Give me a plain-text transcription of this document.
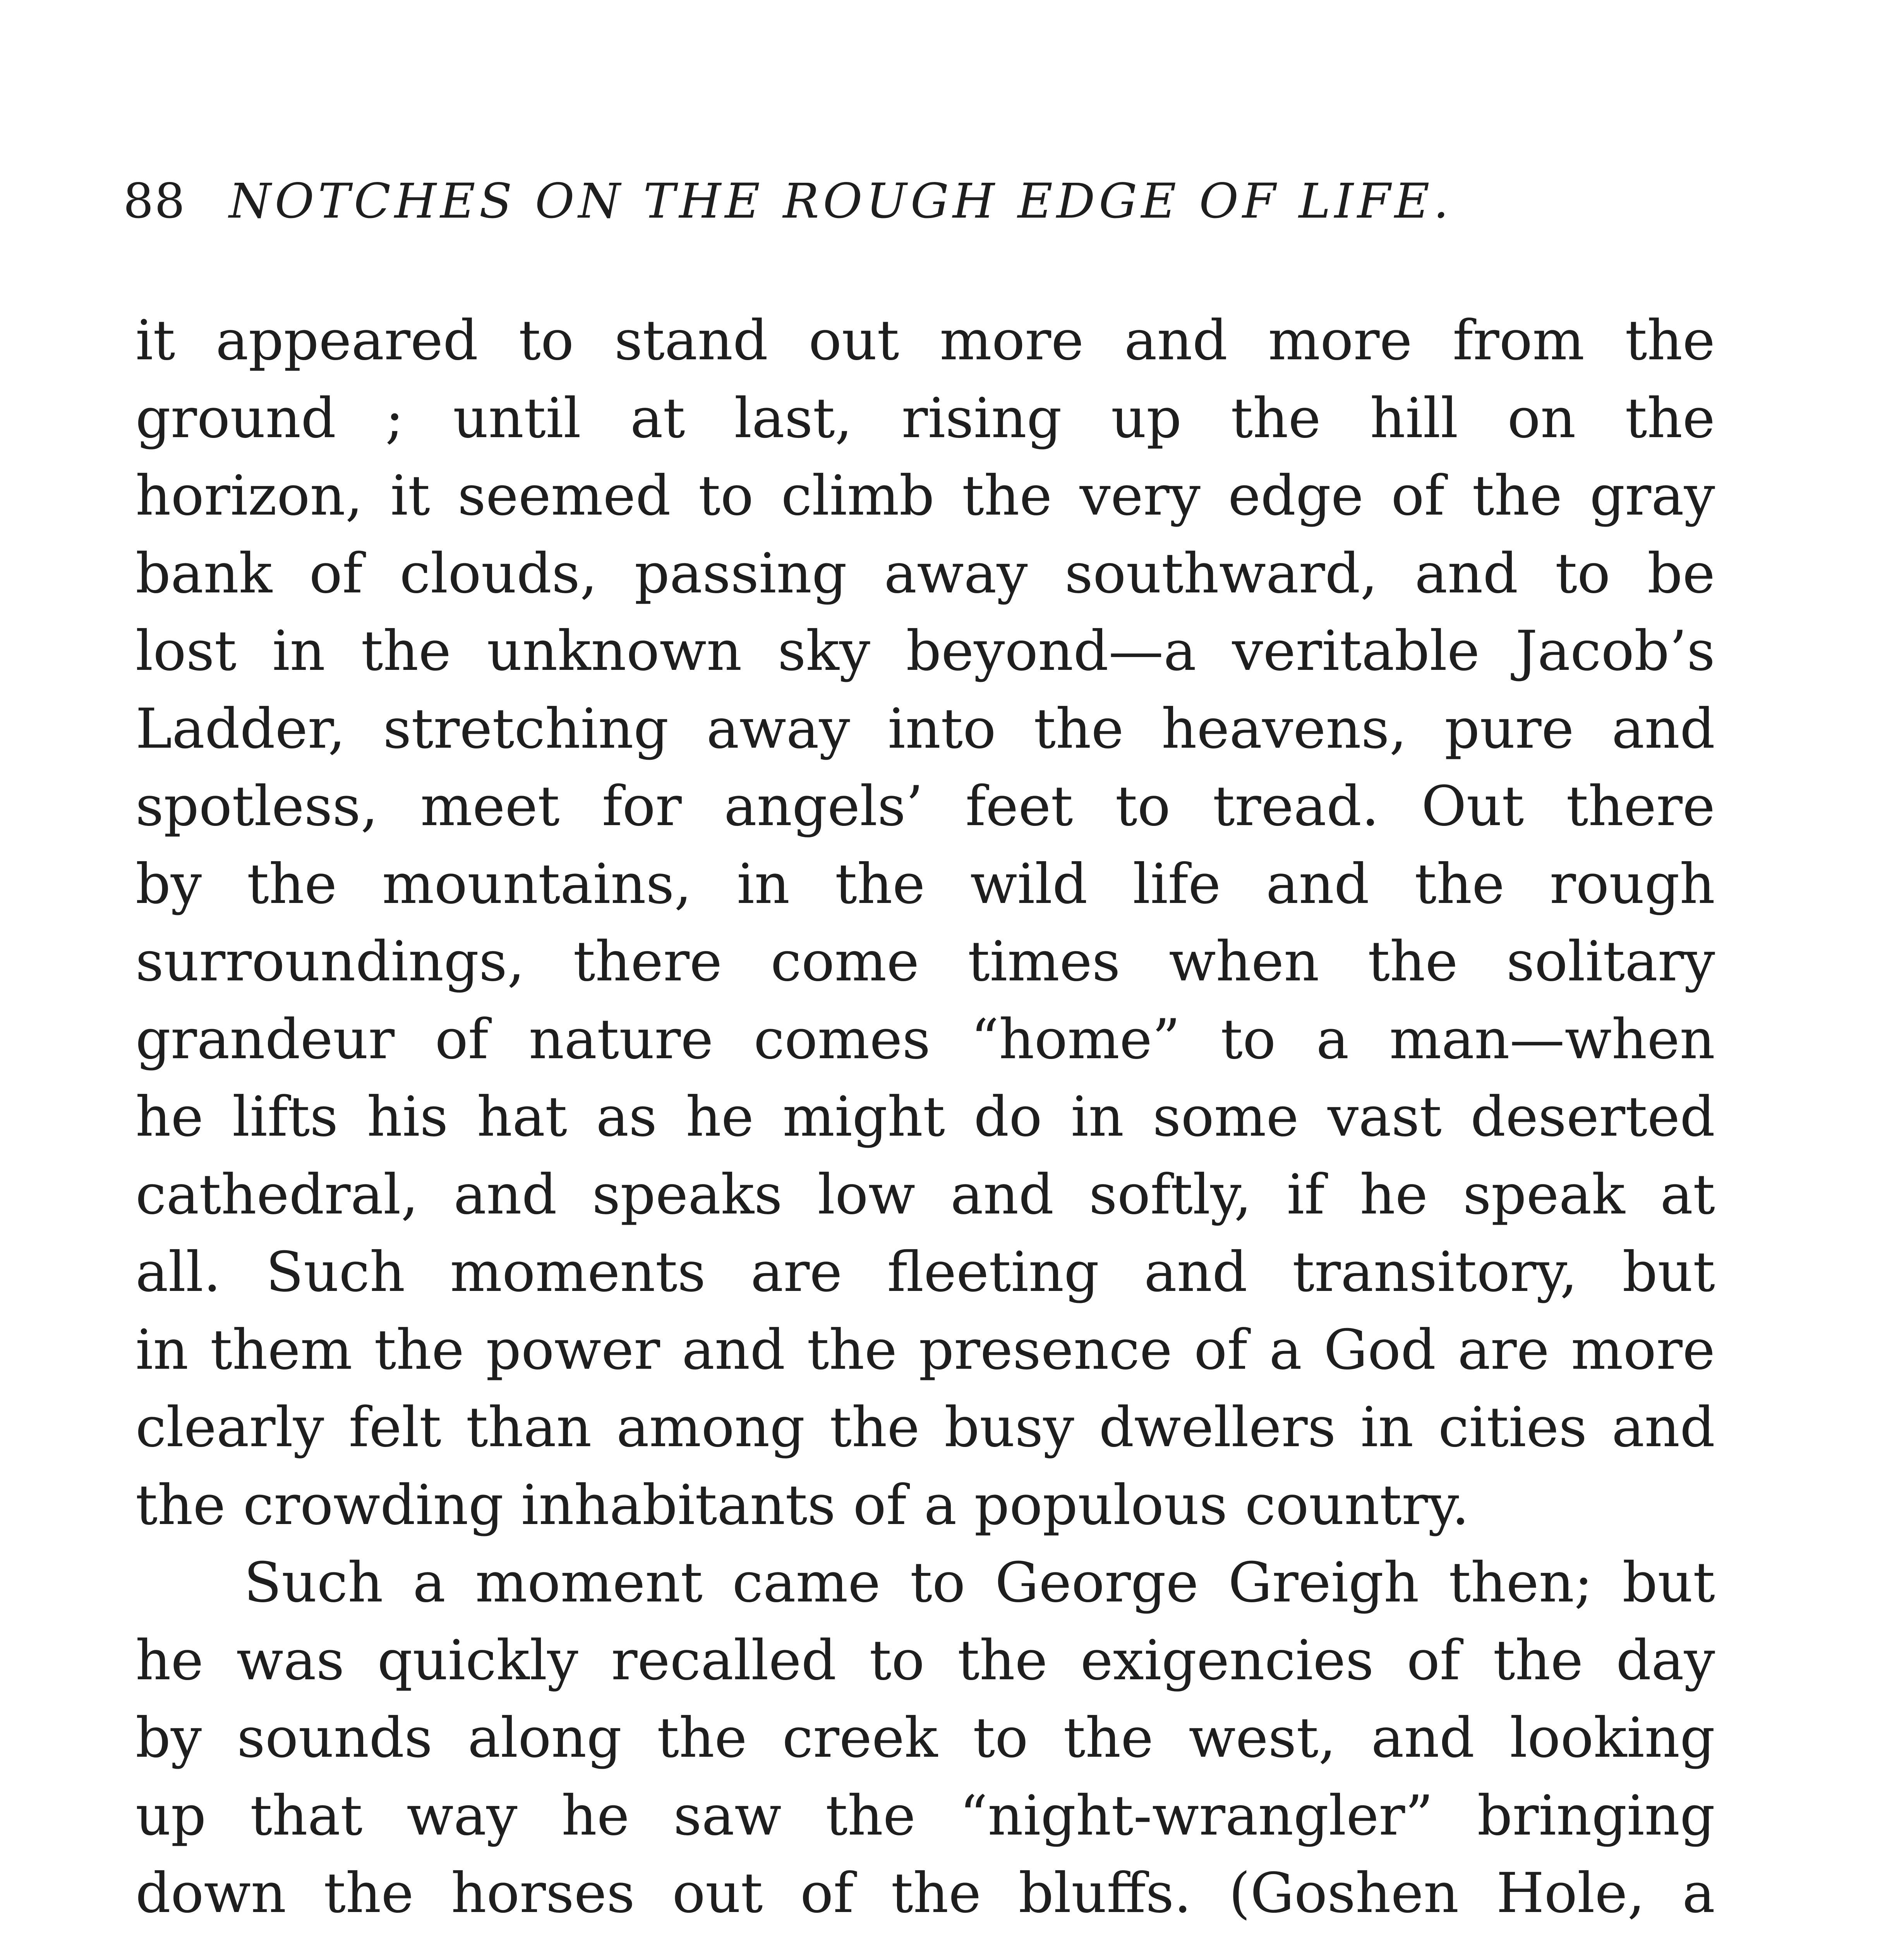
88 NOTCHES ON THE ROUGH EDGE OF LIFE.
it appeared to stand out more and more from the
ground ; until at last, rising up the hill on the
horizon, it seemed to climb the very edge of the gray
bank of clouds, passing away southward, and to be
lost in the unknown sky beyond—a veritable Jacob’s
Ladder, stretching away into the heavens, pure and
spotless, meet for angels’ feet to tread. Out there
by the mountains, in the wild life and the rough
surroundings, there come times when the solitary
grandeur of nature comes “home” to a man—when
he lifts his hat as he might do in some vast deserted
cathedral, and speaks low and softly, if he speak at
all. Such moments are fleeting and transitory, but
in them the power and the presence of a God are more
clearly felt than among the busy dwellers in cities and
the crowding inhabitants of a populous country.
Such a moment came to George Greigh then; but
he was quickly recalled to the exigencies of the day
by sounds along the creek to the west, and looking
up that way he saw the “night-wrangler” bringing
down the horses out of the bluffs. (Goshen Hole, a
